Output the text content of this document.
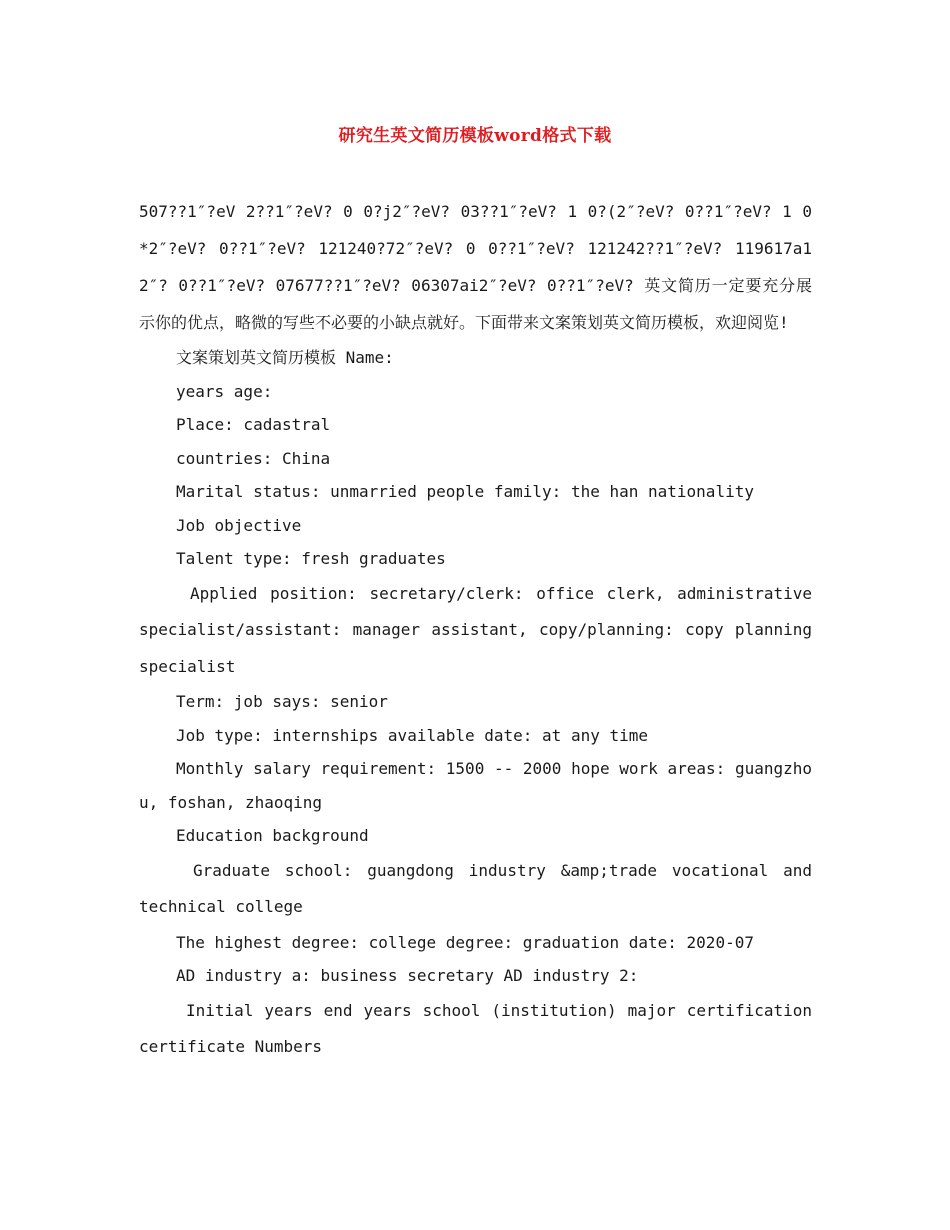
研究生英文简历模板word格式下载

507??1″?eV 2??1″?eV? 0 0?j2″?eV? 03??1″?eV? 1 0?(2″?eV? 0??1″?eV? 1 0 *2″?eV? 0??1″?eV? 121240?72″?eV? 0 0??1″?eV? 121242??1″?eV? 119617a12″? 0??1″?eV? 07677??1″?eV? 06307ai2″?eV? 0??1″?eV? 英文简历一定要充分展示你的优点，略微的写些不必要的小缺点就好。下面带来文案策划英文简历模板，欢迎阅览!

文案策划英文简历模板 Name:

years age:

Place: cadastral

countries: China

Marital status: unmarried people family: the han nationality

Job objective

Talent type: fresh graduates

Applied position: secretary/clerk: office clerk, administrative specialist/assistant: manager assistant, copy/planning: copy planning specialist

Term: job says: senior

Job type: internships available date: at any time

Monthly salary requirement: 1500 -- 2000 hope work areas: guangzhou, foshan, zhaoqing

Education background

Graduate school: guangdong industry &amp;trade vocational and technical college

The highest degree: college degree: graduation date: 2020-07

AD industry a: business secretary AD industry 2:

Initial years end years school (institution) major certification certificate Numbers
